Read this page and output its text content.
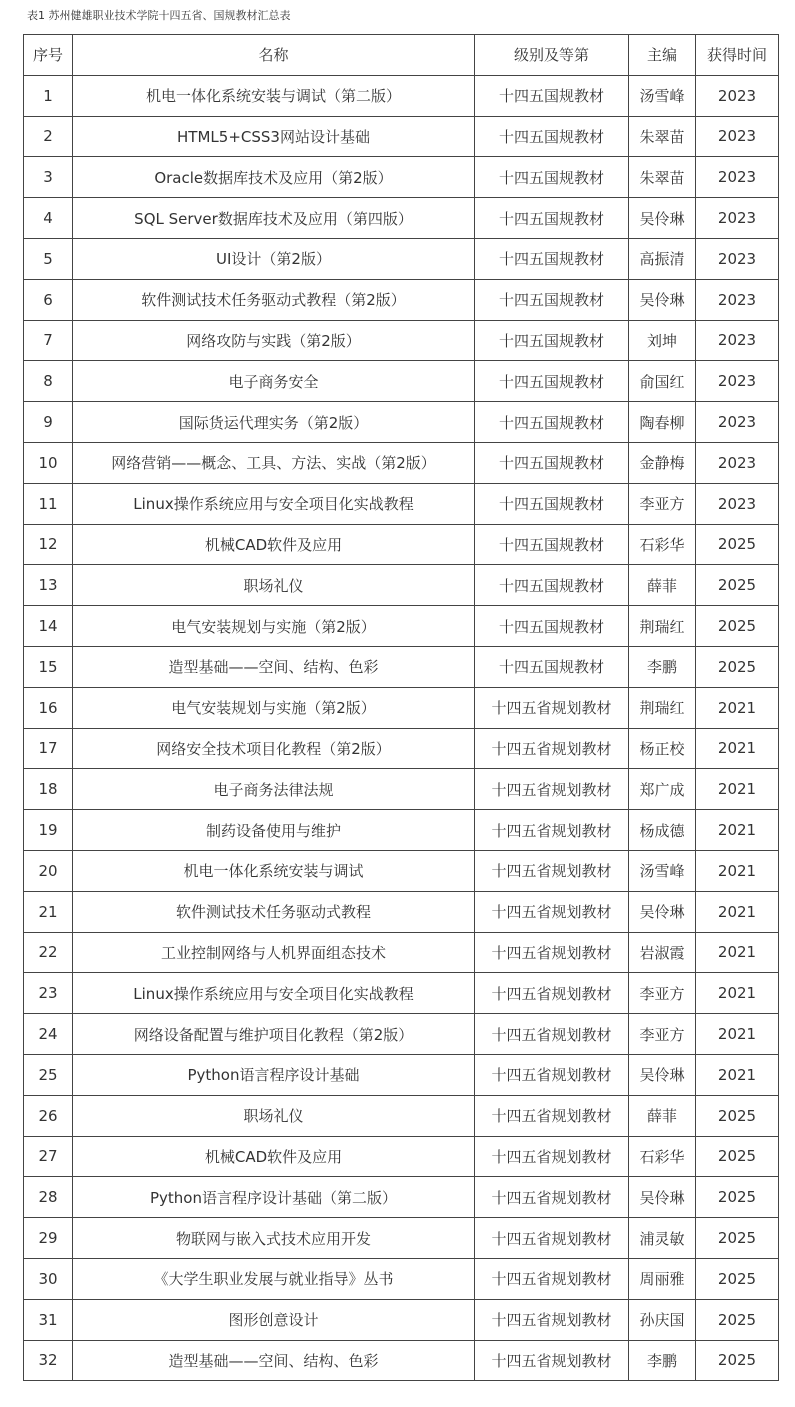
表1 苏州健雄职业技术学院十四五省、国规教材汇总表
序号	名称	级别及等第	主编	获得时间
1	机电一体化系统安装与调试（第二版）	十四五国规教材	汤雪峰	2023
2	HTML5+CSS3网站设计基础	十四五国规教材	朱翠苗	2023
3	Oracle数据库技术及应用（第2版）	十四五国规教材	朱翠苗	2023
4	SQL Server数据库技术及应用（第四版）	十四五国规教材	吴伶琳	2023
5	UI设计（第2版）	十四五国规教材	高振清	2023
6	软件测试技术任务驱动式教程（第2版）	十四五国规教材	吴伶琳	2023
7	网络攻防与实践（第2版）	十四五国规教材	刘坤	2023
8	电子商务安全	十四五国规教材	俞国红	2023
9	国际货运代理实务（第2版）	十四五国规教材	陶春柳	2023
10	网络营销——概念、工具、方法、实战（第2版）	十四五国规教材	金静梅	2023
11	Linux操作系统应用与安全项目化实战教程	十四五国规教材	李亚方	2023
12	机械CAD软件及应用	十四五国规教材	石彩华	2025
13	职场礼仪	十四五国规教材	薛菲	2025
14	电气安装规划与实施（第2版）	十四五国规教材	荆瑞红	2025
15	造型基础——空间、结构、色彩	十四五国规教材	李鹏	2025
16	电气安装规划与实施（第2版）	十四五省规划教材	荆瑞红	2021
17	网络安全技术项目化教程（第2版）	十四五省规划教材	杨正校	2021
18	电子商务法律法规	十四五省规划教材	郑广成	2021
19	制药设备使用与维护	十四五省规划教材	杨成德	2021
20	机电一体化系统安装与调试	十四五省规划教材	汤雪峰	2021
21	软件测试技术任务驱动式教程	十四五省规划教材	吴伶琳	2021
22	工业控制网络与人机界面组态技术	十四五省规划教材	岩淑霞	2021
23	Linux操作系统应用与安全项目化实战教程	十四五省规划教材	李亚方	2021
24	网络设备配置与维护项目化教程（第2版）	十四五省规划教材	李亚方	2021
25	Python语言程序设计基础	十四五省规划教材	吴伶琳	2021
26	职场礼仪	十四五省规划教材	薛菲	2025
27	机械CAD软件及应用	十四五省规划教材	石彩华	2025
28	Python语言程序设计基础（第二版）	十四五省规划教材	吴伶琳	2025
29	物联网与嵌入式技术应用开发	十四五省规划教材	浦灵敏	2025
30	《大学生职业发展与就业指导》丛书	十四五省规划教材	周丽雅	2025
31	图形创意设计	十四五省规划教材	孙庆国	2025
32	造型基础——空间、结构、色彩	十四五省规划教材	李鹏	2025
